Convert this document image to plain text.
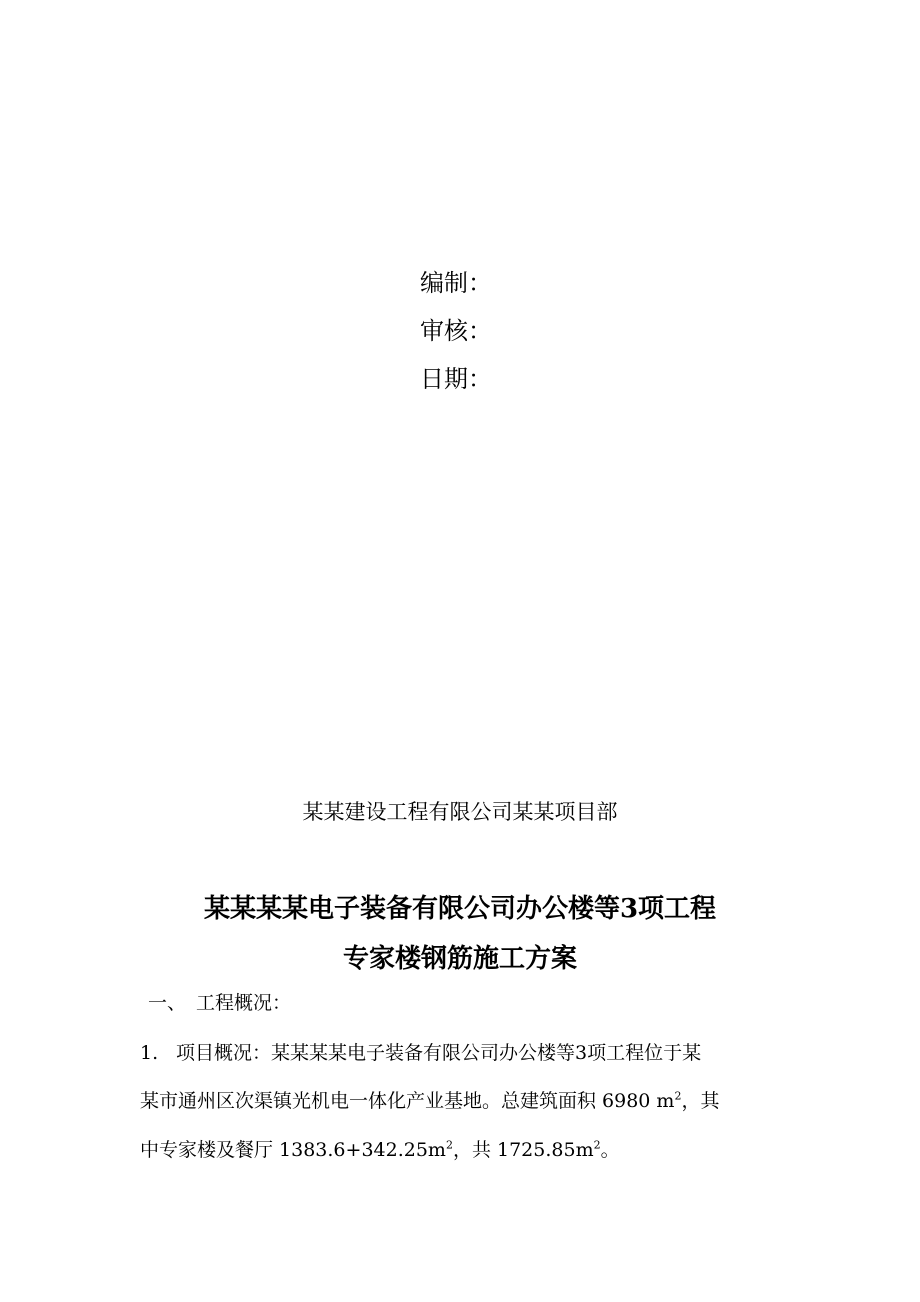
编制：
审核：
日期：
某某建设工程有限公司某某项目部
某某某某电子装备有限公司办公楼等3项工程
专家楼钢筋施工方案
一、 工程概况：
1. 项目概况：某某某某电子装备有限公司办公楼等3项工程位于某
某市通州区次渠镇光机电一体化产业基地。总建筑面积 6980 $m^2$，其
中专家楼及餐厅 $1383.6+342.25m^2$，共 $1725.85m^2$。
